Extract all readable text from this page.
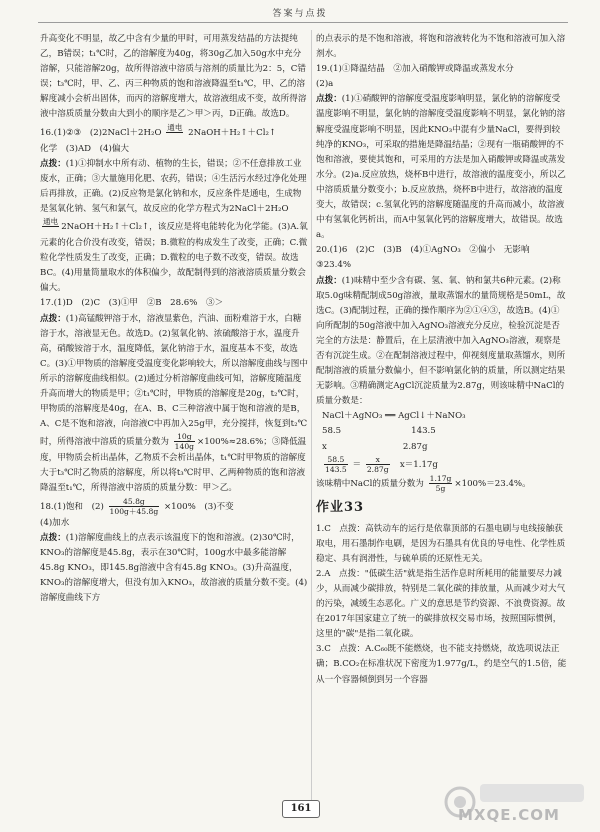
答案与点拨

升高变化不明显，故乙中含有少量的甲时，可用蒸发结晶的方法提纯乙，B错误；t₁℃时，乙的溶解度为40g，将30g乙加入50g水中充分溶解，只能溶解20g，故所得溶液中溶质与溶剂的质量比为2：5，C错误；t₃℃时，甲、乙、丙三种物质的饱和溶液降温至t₁℃，甲、乙的溶解度减小会析出固体，而丙的溶解度增大，故溶液组成不变，故所得溶液中溶质质量分数由大到小的顺序是乙＞甲＞丙，D正确。故选D。

16.(1)②③　(2)2NaCl＋2H₂O
通电

2NaOH＋H₂↑＋Cl₂↑

化学　(3)AD　(4)偏大

点拨：(1)①抑制水中所有动、植物的生长，错误；②不任意排放工业废水，正确；③大量施用化肥、农药，错误；④生活污水经过净化处理后再排放，正确。(2)反应物是氯化钠和水，反应条件是通电，生成物是氢氧化钠、氢气和氯气，故反应的化学方程式为2NaCl＋2H₂O
通电

2NaOH＋H₂↑＋Cl₂↑，该反应是将电能转化为化学能。(3)A.氧元素的化合价没有改变，错误；B.微粒的构成发生了改变，正确；C.微粒化学性质发生了改变，正确；D.微粒的电子数不改变，错误。故选BC。(4)用量筒量取水的体积偏少，故配制得到的溶液溶质质量分数会偏大。

17.(1)D　(2)C　(3)①甲　②B　28.6%　③＞

点拨：(1)高锰酸钾溶于水，溶液显紫色，汽油、面粉难溶于水，白糖溶于水，溶液显无色。故选D。(2)氢氧化钠、浓硫酸溶于水，温度升高，硝酸铵溶于水，温度降低，氯化钠溶于水，温度基本不变，故选C。(3)①甲物质的溶解度受温度变化影响较大，所以溶解度曲线与图中所示的溶解度曲线相似。(2)通过分析溶解度曲线可知，溶解度随温度升高而增大的物质是甲；②t₁℃时，甲物质的溶解度是20g，t₂℃时，甲物质的溶解度是40g，在A、B、C三种溶液中属于饱和溶液的是B，A、C是不饱和溶液，向溶液C中再加入25g甲，充分搅拌，恢复到t₂℃时，所得溶液中溶质的质量分数为 $\frac{10g}{140g} \times 100\%\approx 28.6\%$；③降低温度，甲物质会析出晶体，乙物质不会析出晶体，t₁℃时甲物质的溶解度大于t₃℃时乙物质的溶解度，所以将t₃℃时甲、乙两种物质的饱和溶液降温至t₁℃，所得溶液中溶质的质量分数：甲＞乙。

18.(1)饱和　$(2) \frac{45.8g}{100g+45.8g} \times 100\%$　(3)不变

(4)加水

点拨：(1)溶解度曲线上的点表示该温度下的饱和溶液。(2)30℃时，KNO₃的溶解度是45.8g，表示在30℃时，100g水中最多能溶解45.8g KNO₃，即145.8g溶液中含有45.8g KNO₃。(3)升高温度，KNO₃的溶解度增大，但没有加入KNO₃，故溶液的质量分数不变。(4)溶解度曲线下方

的点表示的是不饱和溶液，将饱和溶液转化为不饱和溶液可加入溶剂水。

19.(1)①降温结晶　②加入硝酸钾或降温或蒸发水分

(2)a

点拨：(1)①硝酸钾的溶解度受温度影响明显，氯化钠的溶解度受温度影响不明显，氯化钠的溶解度受温度影响不明显，氯化钠的溶解度受温度影响不明显，因此KNO₃中混有少量NaCl，要得到较纯净的KNO₃，可采取的措施是降温结晶；②现有一瓶硝酸钾的不饱和溶液，要使其饱和，可采用的方法是加入硝酸钾或降温或蒸发水分。(2)a.反应放热，烧杯B中进行，故溶液的温度变小，所以乙中溶质质量分数变小；b.反应放热，烧杯B中进行，故溶液的温度变大，故错误；c.氢氧化钙的溶解度随温度的升高而减小，故溶液中有氢氧化钙析出，而A中氢氧化钙的溶解度增大，故错误。故选a。

20.(1)6　(2)C　(3)B　(4)①AgNO₃　②偏小　无影响

③23.4%

点拨：(1)味精中至少含有碳、氢、氧、钠和氯共6种元素。(2)称取5.0g味精配制成50g溶液，量取蒸馏水的量筒规格是50mL，故选C。(3)配制过程，正确的操作顺序为②①④③，故选B。(4)①向所配制的50g溶液中加入AgNO₃溶液充分反应，检验沉淀是否完全的方法是：静置后，在上层清液中加入AgNO₃溶液，观察是否有沉淀生成。②在配制溶液过程中，仰视刻度量取蒸馏水，则所配制溶液的质量分数偏小，但不影响氯化钠的质量，所以测定结果无影响。③精确测定AgCl沉淀质量为2.87g，则该味精中NaCl的质量分数是：

NaCl＋AgNO₃ ══ AgCl↓＋NaNO₃
58.5	143.5
x	2.87g
$\frac{58.5}{143.5} = \frac{x}{2.87g} x=1.17g$

该味精中NaCl的质量分数为 $\frac{1.17g}{5g} \times 100\%=23.4\%$。

作业33

1.C　点拨：高铁动车的运行是依靠顶部的石墨电刷与电线接触获取电，用石墨制作电刷，是因为石墨具有优良的导电性、化学性质稳定、具有润滑性，与硫单质的还原性无关。

2.A　点拨："低碳生活"就是指生活作息时所耗用的能量要尽力减少，从而减少碳排放，特别是二氧化碳的排放量，从而减少对大气的污染，减缓生态恶化。广义的意思是节约资源、不浪费资源。故在2017年国家建立了统一的碳排放权交易市场，按照国际惯例，这里的"碳"是指二氧化碳。

3.C　点拨：A.C₆₀既不能燃烧，也不能支持燃烧，故选项说法正确；B.CO₂在标准状况下密度为1.977g/L，约是空气的1.5倍，能从一个容器倾倒到另一个容器

161	MXQE.COM
